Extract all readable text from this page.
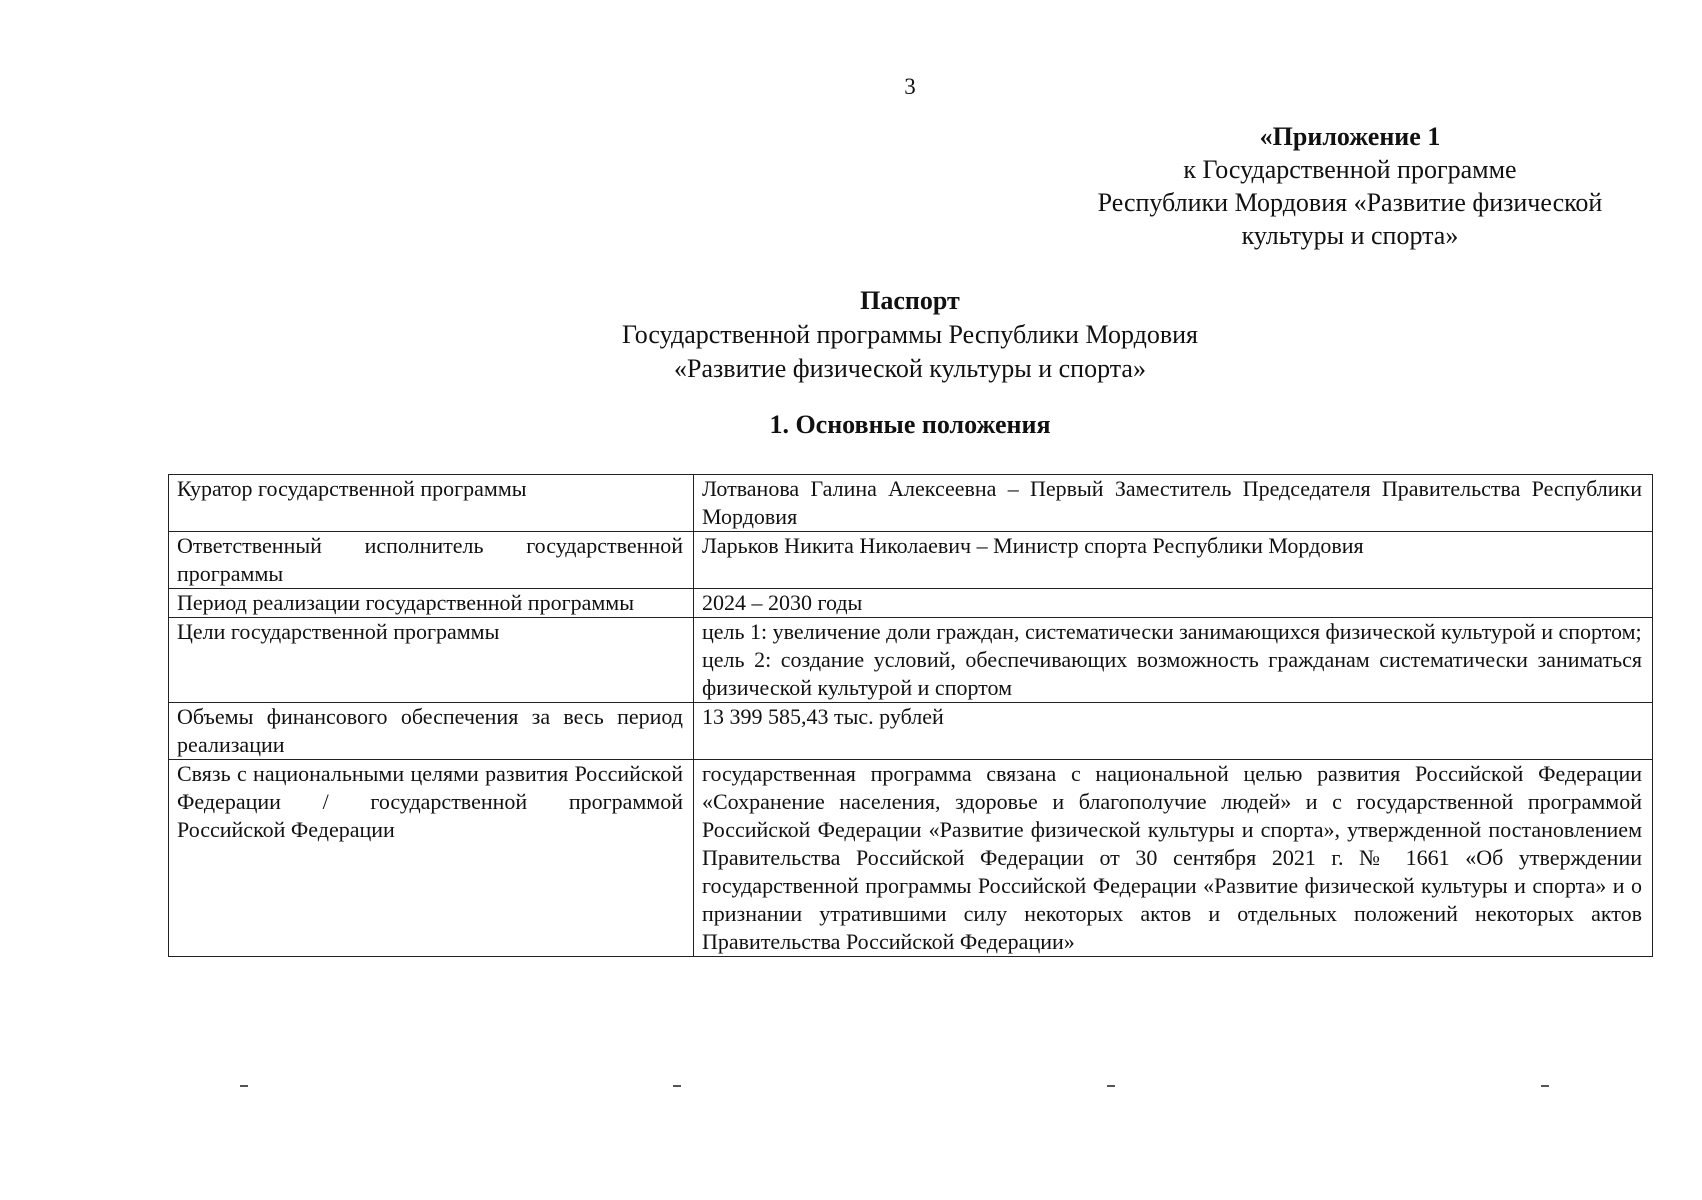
3
«Приложение 1
к Государственной программе
Республики Мордовия «Развитие физической
культуры и спорта»
Паспорт
Государственной программы Республики Мордовия
«Развитие физической культуры и спорта»
1. Основные положения
Куратор государственной программы	Лотванова Галина Алексеевна – Первый Заместитель Председателя Правительства Республики Мордовия

Ответственный исполнитель государственной программы	Ларьков Никита Николаевич – Министр спорта Республики Мордовия

Период реализации государственной программы	2024 – 2030 годы

Цели государственной программы	цель 1: увеличение доли граждан, систематически занимающихся физической культурой и спортом;
цель 2: создание условий, обеспечивающих возможность гражданам систематически заниматься физической культурой и спортом

Объемы финансового обеспечения за весь период реализации	13 399 585,43 тыс. рублей

Связь с национальными целями развития Российской Федерации / государственной программой Российской Федерации	государственная программа связана с национальной целью развития Российской Федерации «Сохранение населения, здоровье и благополучие людей» и с государственной программой Российской Федерации «Развитие физической культуры и спорта», утвержденной постановлением Правительства Российской Федерации от 30 сентября 2021 г. № 1661 «Об утверждении государственной программы Российской Федерации «Развитие физической культуры и спорта» и о признании утратившими силу некоторых актов и отдельных положений некоторых актов Правительства Российской Федерации»
